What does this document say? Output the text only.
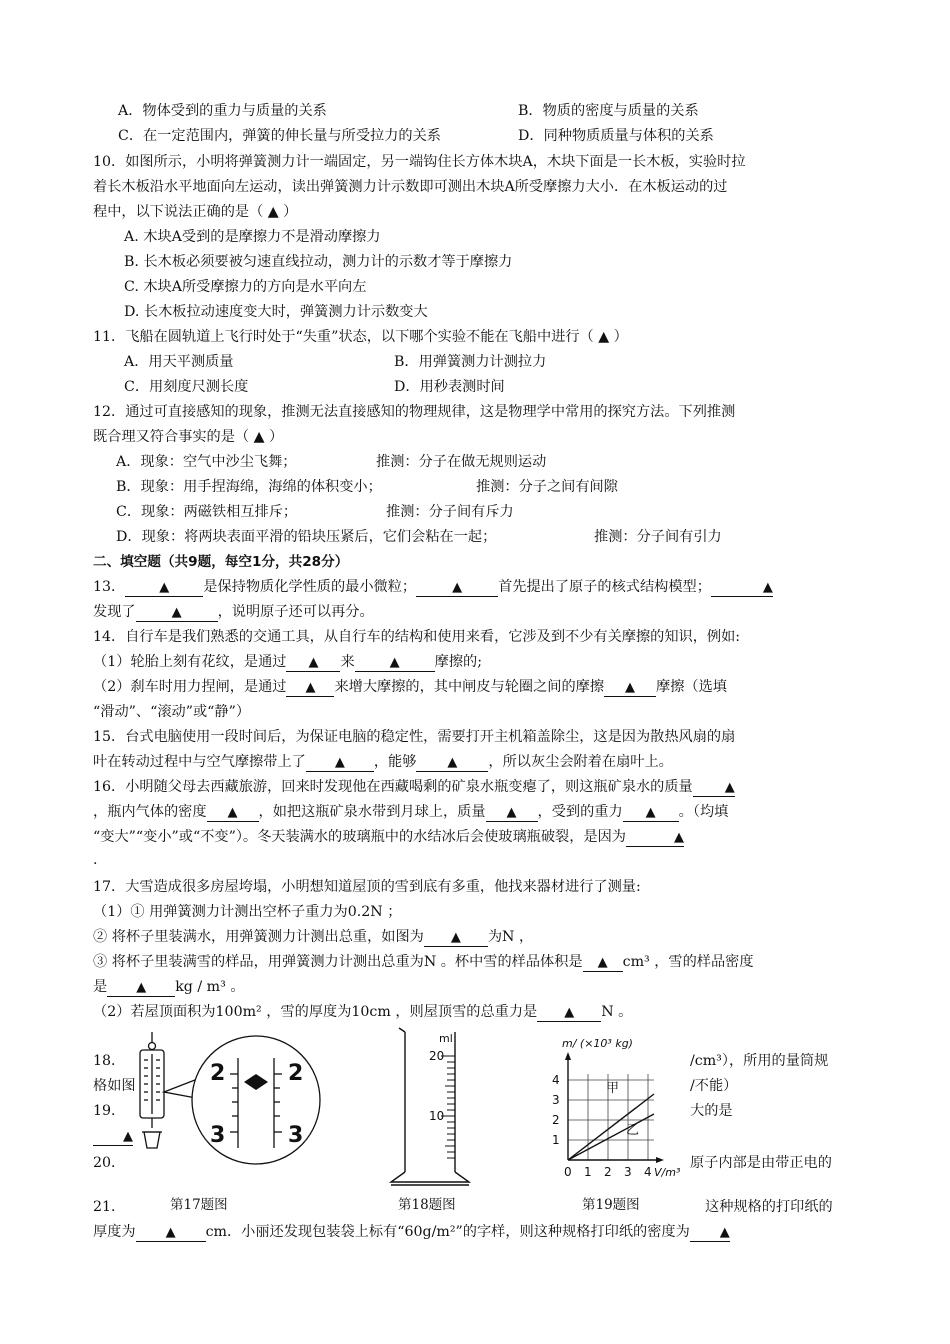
A．物体受到的重力与质量的关系	B．物质的密度与质量的关系
C．在一定范围内，弹簧的伸长量与所受拉力的关系	D．同种物质质量与体积的关系
10．如图所示，小明将弹簧测力计一端固定，另一端钩住长方体木块A，木块下面是一长木板，实验时拉
着长木板沿水平地面向左运动，读出弹簧测力计示数即可测出木块A所受摩擦力大小．在木板运动的过
程中，以下说法正确的是（ ▲ ）
A. 木块A受到的是摩擦力不是滑动摩擦力
B. 长木板必须要被匀速直线拉动，测力计的示数才等于摩擦力
C. 木块A所受摩擦力的方向是水平向左
D. 长木板拉动速度变大时，弹簧测力计示数变大
11．飞船在圆轨道上飞行时处于“失重”状态，以下哪个实验不能在飞船中进行（ ▲ ）
A．用天平测质量	B．用弹簧测力计测拉力
C．用刻度尺测长度	D．用秒表测时间
12．通过可直接感知的现象，推测无法直接感知的物理规律，这是物理学中常用的探究方法。下列推测
既合理又符合事实的是（ ▲ ）
A．现象：空气中沙尘飞舞；	推测：分子在做无规则运动
B．现象：用手捏海绵，海绵的体积变小；	推测：分子之间有间隙
C．现象：两磁铁相互排斥；	推测：分子间有斥力
D．现象：将两块表面平滑的铅块压紧后，它们会粘在一起；	推测：分子间有引力
二、填空题（共9题，每空1分，共28分）
13．	▲ 是保持物质化学性质的最小微粒；	▲	首先提出了原子的核式结构模型；	▲
发现了	▲	，说明原子还可以再分。
14．自行车是我们熟悉的交通工具，从自行车的结构和使用来看，它涉及到不少有关摩擦的知识，例如:
（1）轮胎上刻有花纹，是通过 ▲ 来	▲ 摩擦的;
（2）刹车时用力捏闸，是通过 ▲ 来增大摩擦的，其中闸皮与轮圈之间的摩擦 ▲ 摩擦（选填
“滑动”、“滚动”或“静”）
15．台式电脑使用一段时间后，为保证电脑的稳定性，需要打开主机箱盖除尘，这是因为散热风扇的扇
叶在转动过程中与空气摩擦带上了 ▲ ，能够 ▲ ，所以灰尘会附着在扇叶上。
16．小明随父母去西藏旅游，回来时发现他在西藏喝剩的矿泉水瓶变瘪了，则这瓶矿泉水的质量 ▲
，瓶内气体的密度 ▲ ，如把这瓶矿泉水带到月球上，质量 ▲ ，受到的重力 ▲ 。（均填
“变大”“变小”或“不变”）。冬天装满水的玻璃瓶中的水结冰后会使玻璃瓶破裂，是因为	▲
.
17．大雪造成很多房屋垮塌，小明想知道屋顶的雪到底有多重，他找来器材进行了测量:
（1）① 用弹簧测力计测出空杯子重力为0.2N ；
② 将杯子里装满水，用弹簧测力计测出总重，如图为 ▲ 为N ，
③ 将杯子里装满雪的样品，用弹簧测力计测出总重为N 。杯中雪的样品体积是 ▲ cm³ ，雪的样品密度
是 ▲ kg / m³ 。
（2）若屋顶面积为100m² ，雪的厚度为10cm ，则屋顶雪的总重力是 ▲ N 。
18．
格如图
19．
▲
20．
21．
/cm³），所用的量筒规
/不能）
大的是
原子内部是由带正电的
这种规格的打印纸的
2	2
3	3
第17题图
ml
20
10
第18题图
m/ (×10³ kg)
V/m³
1
2
3
4
0 1 2 3 4
甲
乙
第19题图
厚度为 ▲ cm．小丽还发现包装袋上标有“60g/m²”的字样，则这种规格打印纸的密度为 ▲
